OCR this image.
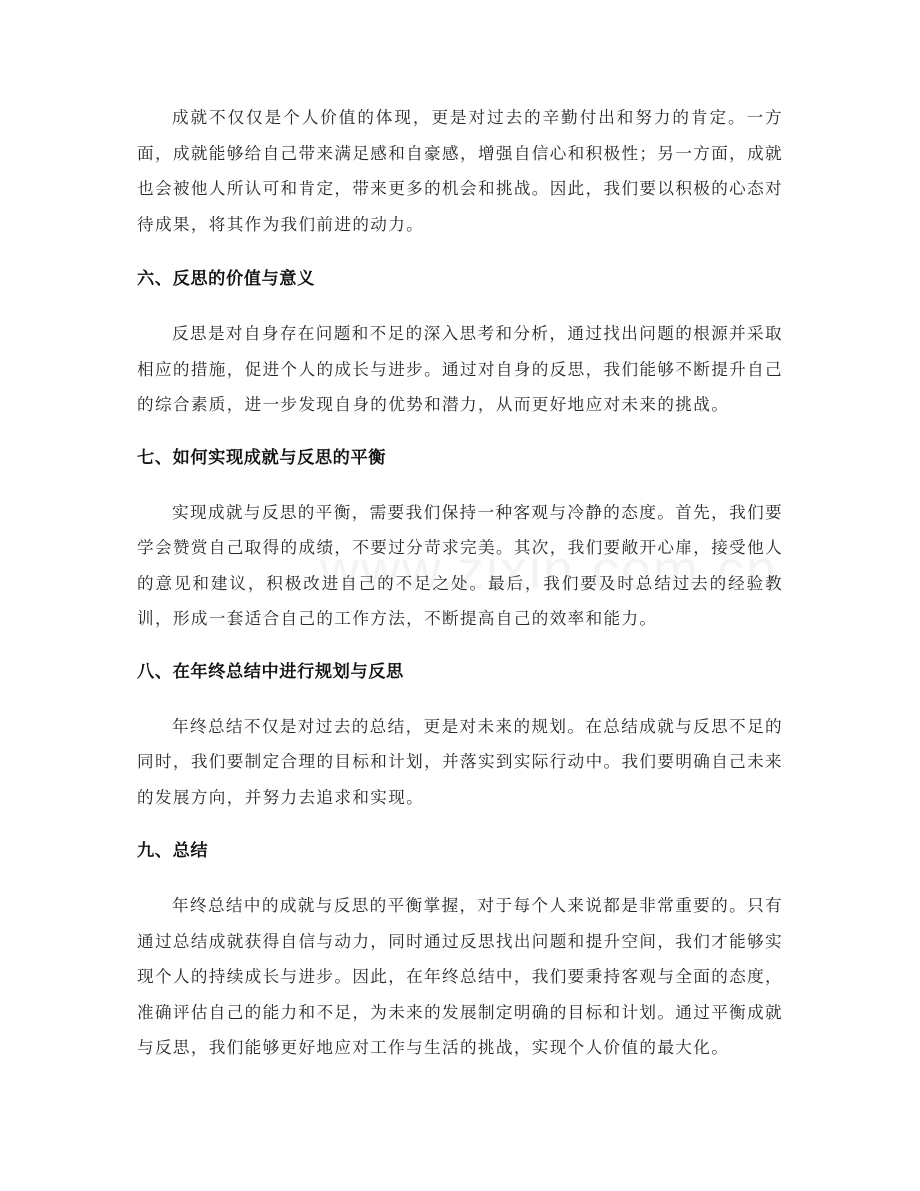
成就不仅仅是个人价值的体现，更是对过去的辛勤付出和努力的肯定。一方面，成就能够给自己带来满足感和自豪感，增强自信心和积极性；另一方面，成就也会被他人所认可和肯定，带来更多的机会和挑战。因此，我们要以积极的心态对待成果，将其作为我们前进的动力。

六、反思的价值与意义

反思是对自身存在问题和不足的深入思考和分析，通过找出问题的根源并采取相应的措施，促进个人的成长与进步。通过对自身的反思，我们能够不断提升自己的综合素质，进一步发现自身的优势和潜力，从而更好地应对未来的挑战。

七、如何实现成就与反思的平衡

实现成就与反思的平衡，需要我们保持一种客观与冷静的态度。首先，我们要学会赞赏自己取得的成绩，不要过分苛求完美。其次，我们要敞开心扉，接受他人的意见和建议，积极改进自己的不足之处。最后，我们要及时总结过去的经验教训，形成一套适合自己的工作方法，不断提高自己的效率和能力。

八、在年终总结中进行规划与反思

年终总结不仅是对过去的总结，更是对未来的规划。在总结成就与反思不足的同时，我们要制定合理的目标和计划，并落实到实际行动中。我们要明确自己未来的发展方向，并努力去追求和实现。

九、总结

年终总结中的成就与反思的平衡掌握，对于每个人来说都是非常重要的。只有通过总结成就获得自信与动力，同时通过反思找出问题和提升空间，我们才能够实现个人的持续成长与进步。因此，在年终总结中，我们要秉持客观与全面的态度，准确评估自己的能力和不足，为未来的发展制定明确的目标和计划。通过平衡成就与反思，我们能够更好地应对工作与生活的挑战，实现个人价值的最大化。
